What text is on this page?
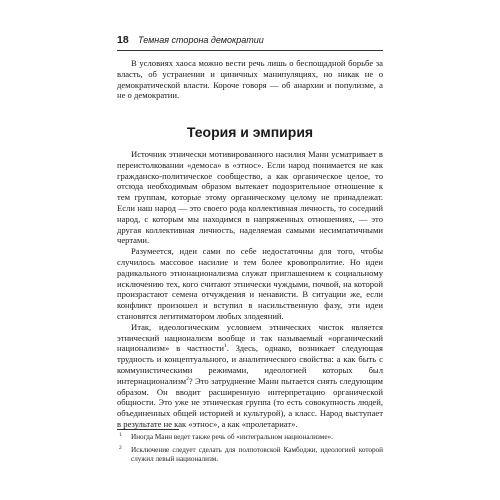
18 Темная сторона демократии

В условиях хаоса можно вести речь лишь о беспощадной борьбе за власть, об устранении и циничных манипуляциях, но никак не о демократической власти. Короче говоря — об анархии и популизме, а не о демократии.

Теория и эмпирия

Источник этнически мотивированного насилия Манн усматривает в переистолковании «демоса» в «этнос». Если народ понимается не как гражданско-политическое сообщество, а как органическое целое, то отсюда необходимым образом вытекает подозрительное отношение к тем группам, которые этому органическому целому не принадлежат. Если наш народ — это своего рода коллективная личность, то соседний народ, с которым мы находимся в напряженных отношениях, — это другая коллективная личность, наделяемая самыми несимпатичными чертами.

Разумеется, идеи сами по себе недостаточны для того, чтобы случилось массовое насилие и тем более кровопролитие. Но идеи радикального этнонационализма служат приглашением к социальному исключению тех, кого считают этнически чуждыми, почвой, на которой произрастают семена отчуждения и ненависти. В ситуации же, если конфликт произошел и вступил в насильственную фазу, эти идеи становятся легитиматором любых злодеяний.

Итак, идеологическим условием этнических чисток является этнический национализм вообще и так называемый «органический национализм» в частности$^1$. Здесь, однако, возникает следующая трудность и концептуального, и аналитического свойства: а как быть с коммунистическими режимами, идеологией которых был интернационализм$^2$? Это затруднение Манн пытается снять следующим образом. Он вводит расширенную интерпретацию органической общности. Это уже не этническая группа (то есть совокупность людей, объединенных общей историей и культурой), а класс. Народ выступает в результате не как «этнос», а как «пролетариат».

1 Иногда Манн ведет также речь об «интегральном национализме».

2 Исключение следует сделать для полпотовской Камбоджи, идеологией которой служил левый национализм.
